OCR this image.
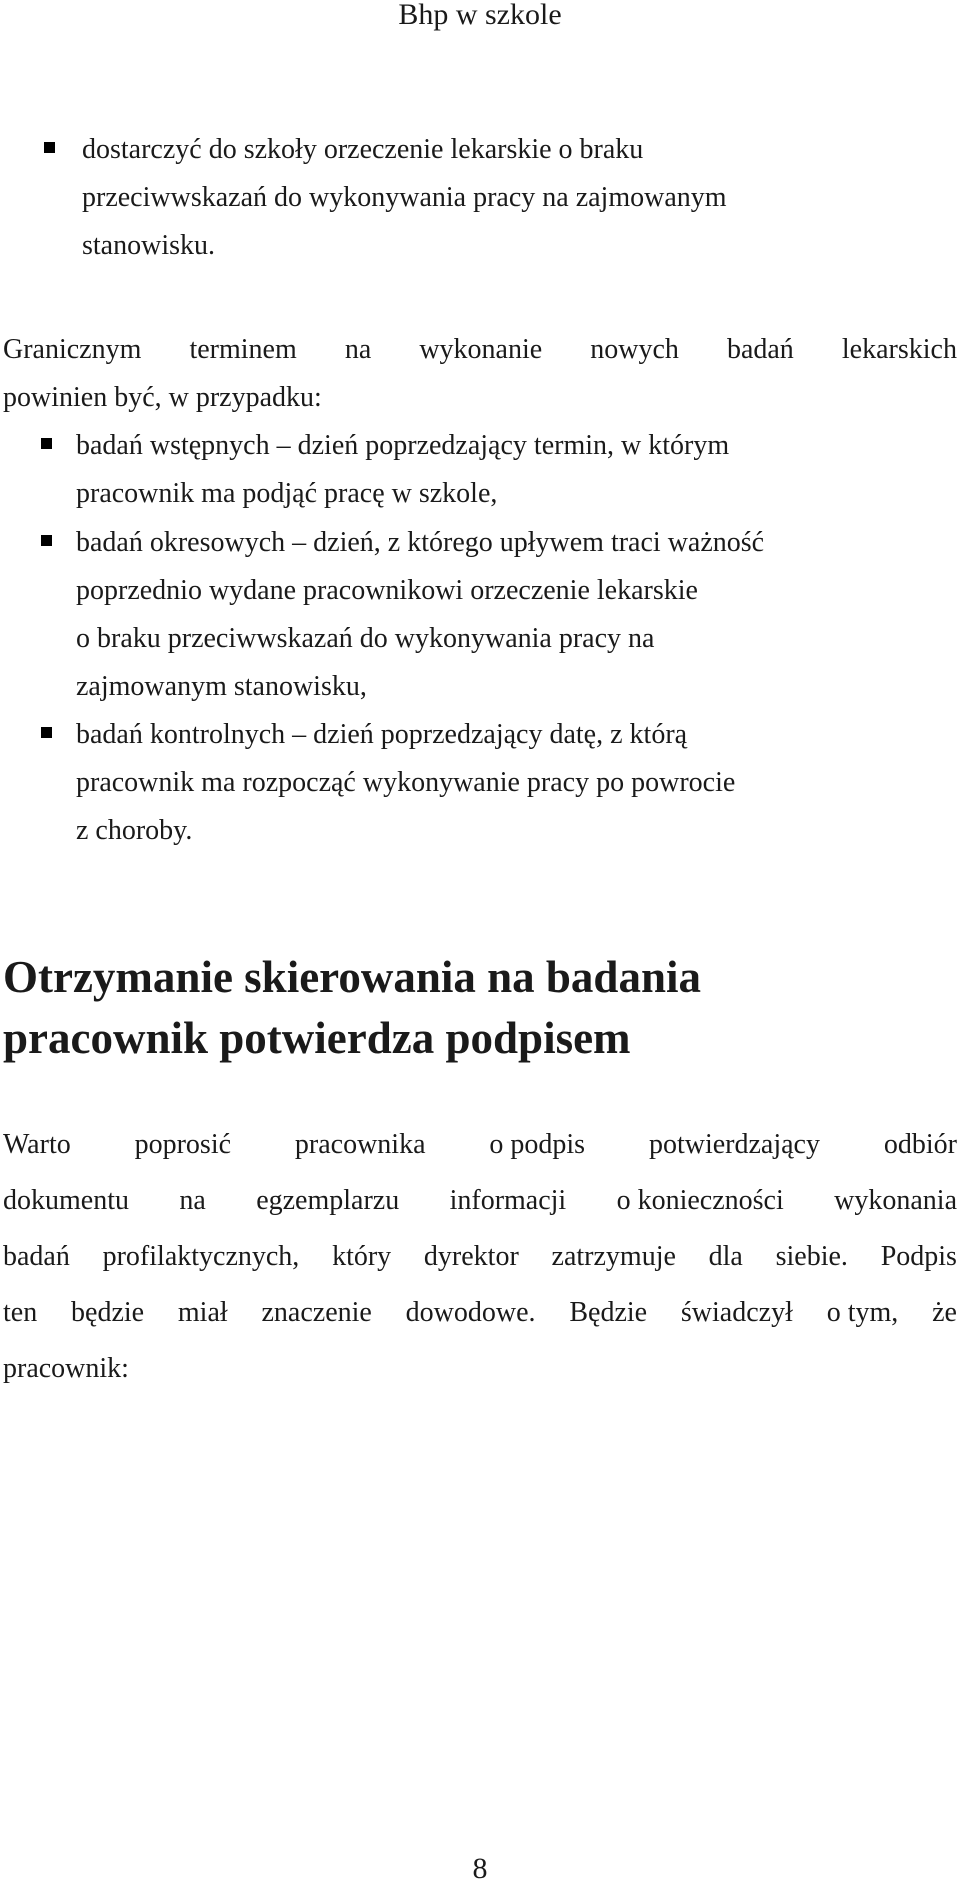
Bhp w szkole
dostarczyć do szkoły orzeczenie lekarskie o braku
przeciwwskazań do wykonywania pracy na zajmowanym
stanowisku.
Granicznym terminem na wykonanie nowych badań lekarskich
powinien być, w przypadku:
badań wstępnych – dzień poprzedzający termin, w którym
pracownik ma podjąć pracę w szkole,
badań okresowych – dzień, z którego upływem traci ważność
poprzednio wydane pracownikowi orzeczenie lekarskie
o braku przeciwwskazań do wykonywania pracy na
zajmowanym stanowisku,
badań kontrolnych – dzień poprzedzający datę, z którą
pracownik ma rozpocząć wykonywanie pracy po powrocie
z choroby.
Otrzymanie skierowania na badania
pracownik potwierdza podpisem
Warto poprosić pracownika o podpis potwierdzający odbiór
dokumentu na egzemplarzu informacji o konieczności wykonania
badań profilaktycznych, który dyrektor zatrzymuje dla siebie. Podpis
ten będzie miał znaczenie dowodowe. Będzie świadczył o tym, że
pracownik:
8
